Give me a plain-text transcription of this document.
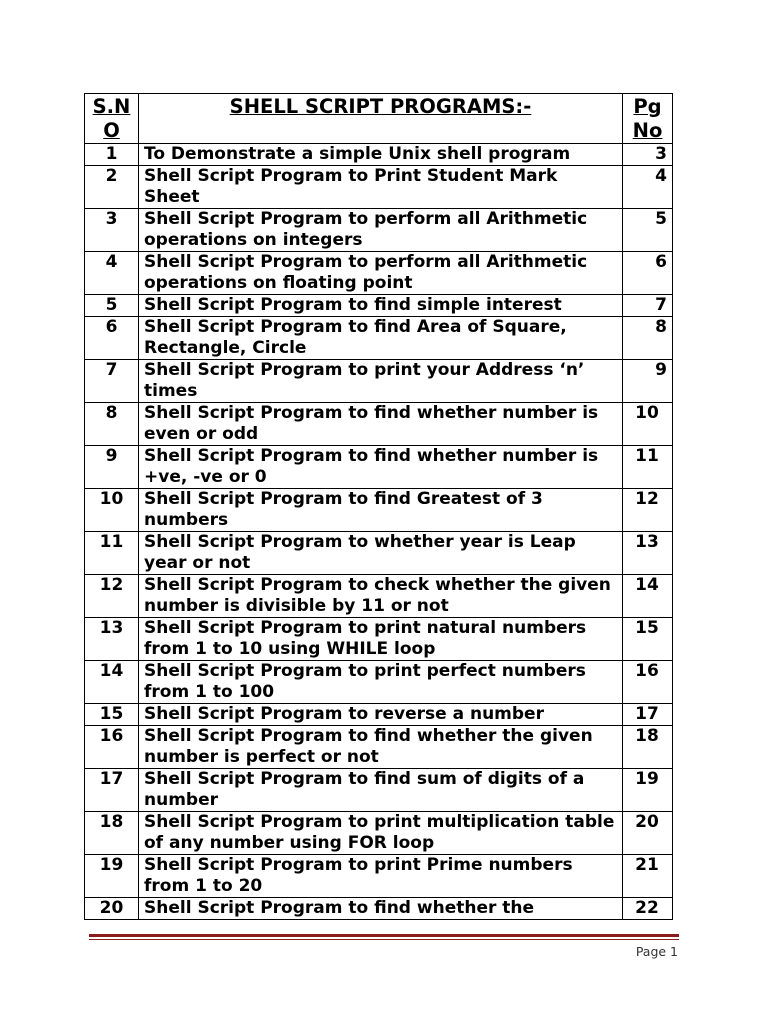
S.N O	SHELL SCRIPT PROGRAMS:-	Pg No
1	To Demonstrate a simple Unix shell program	3
2	Shell Script Program to Print Student Mark Sheet	4
3	Shell Script Program to perform all Arithmetic operations on integers	5
4	Shell Script Program to perform all Arithmetic operations on floating point	6
5	Shell Script Program to find simple interest	7
6	Shell Script Program to find Area of Square, Rectangle, Circle	8
7	Shell Script Program to print your Address ‘n’ times	9
8	Shell Script Program to find whether number is even or odd	10
9	Shell Script Program to find whether number is +ve, -ve or 0	11
10	Shell Script Program to find Greatest of 3 numbers	12
11	Shell Script Program to whether year is Leap year or not	13
12	Shell Script Program to check whether the given number is divisible by 11 or not	14
13	Shell Script Program to print natural numbers from 1 to 10 using WHILE loop	15
14	Shell Script Program to print perfect numbers from 1 to 100	16
15	Shell Script Program to reverse a number	17
16	Shell Script Program to find whether the given number is perfect or not	18
17	Shell Script Program to find sum of digits of a number	19
18	Shell Script Program to print multiplication table of any number using FOR loop	20
19	Shell Script Program to print Prime numbers from 1 to 20	21
20	Shell Script Program to find whether the	22
Page 1
